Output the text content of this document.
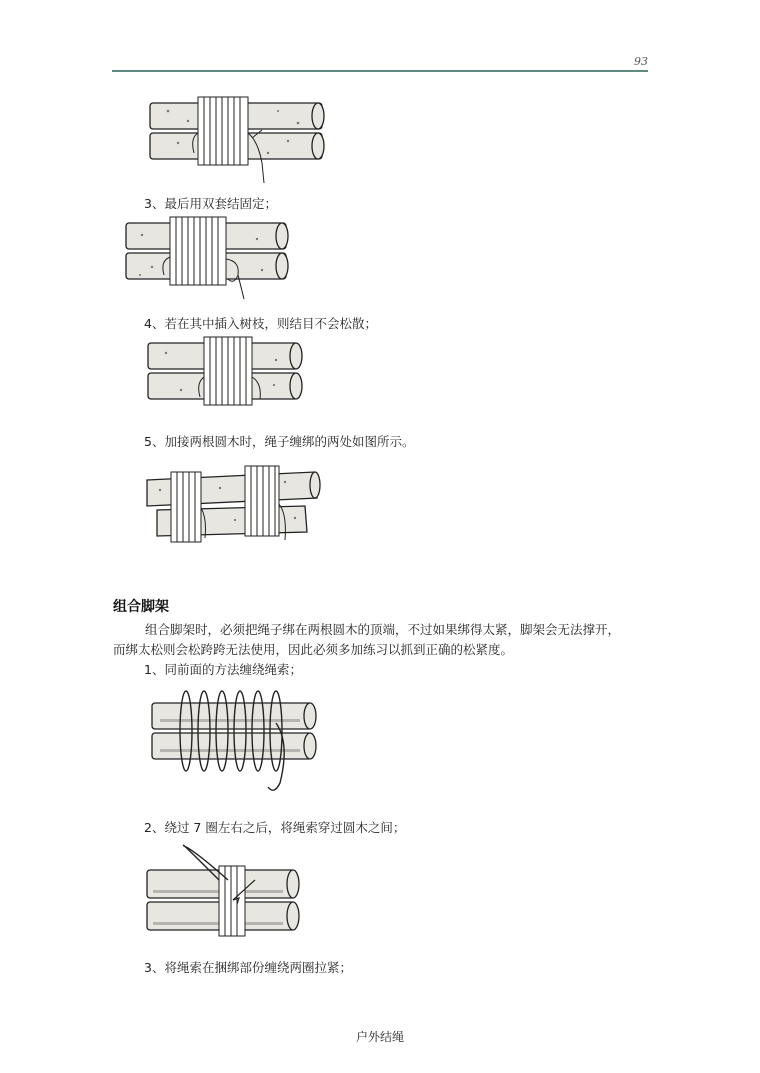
93
3、最后用双套结固定；
4、若在其中插入树枝，则结目不会松散；
5、加接两根圆木时，绳子缠绑的两处如图所示。
组合脚架
组合脚架时，必须把绳子绑在两根圆木的顶端，不过如果绑得太紧，脚架会无法撑开，
而绑太松则会松跨跨无法使用，因此必须多加练习以抓到正确的松紧度。
1、同前面的方法缠绕绳索；
2、绕过 7 圈左右之后，将绳索穿过圆木之间；
3、将绳索在捆绑部份缠绕两圈拉紧；
户外结绳
